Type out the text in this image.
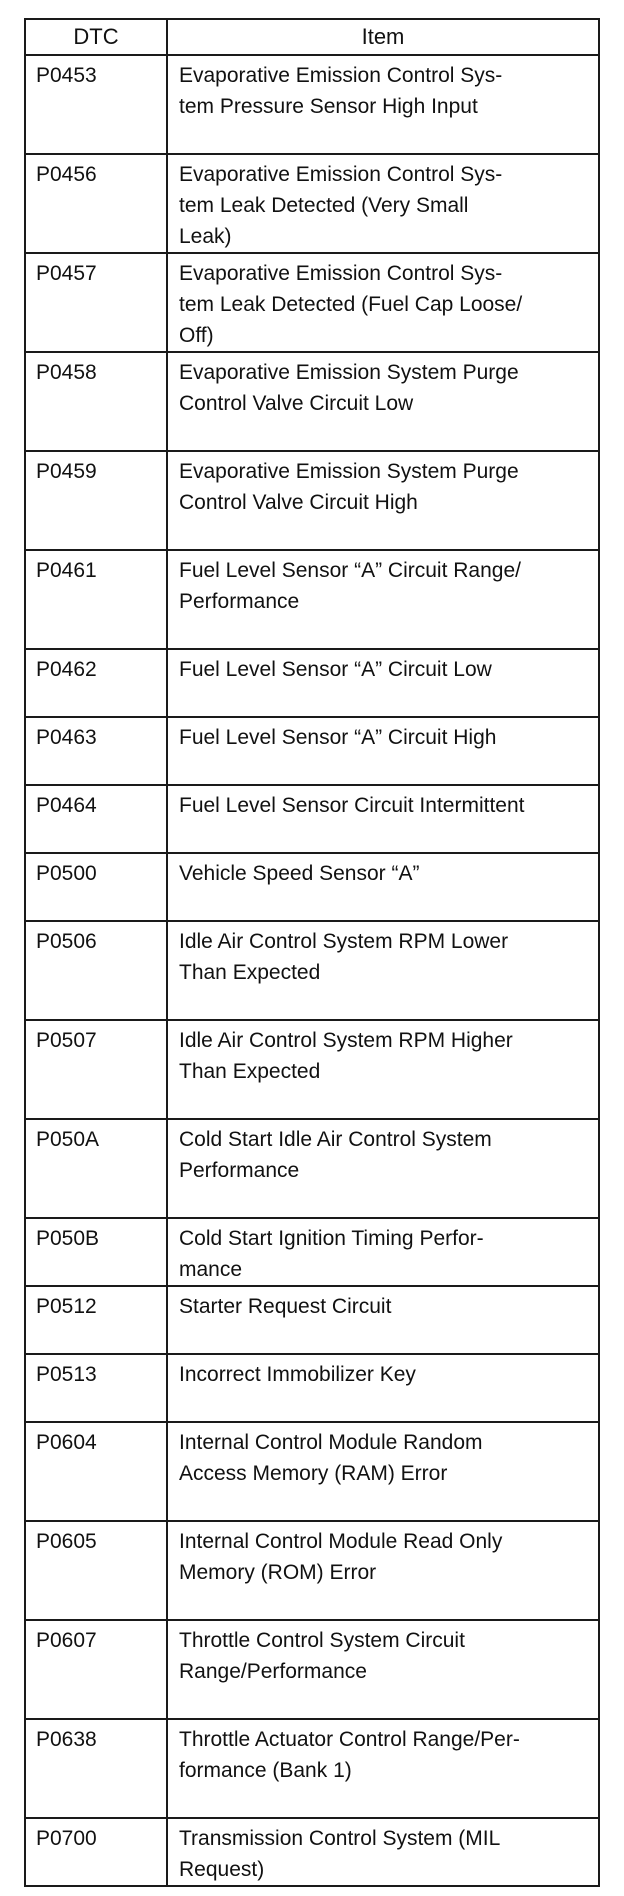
DTC	Item
P0453	Evaporative Emission Control Sys-
tem Pressure Sensor High Input
P0456	Evaporative Emission Control Sys-
tem Leak Detected (Very Small
Leak)
P0457	Evaporative Emission Control Sys-
tem Leak Detected (Fuel Cap Loose/
Off)
P0458	Evaporative Emission System Purge
Control Valve Circuit Low
P0459	Evaporative Emission System Purge
Control Valve Circuit High
P0461	Fuel Level Sensor “A” Circuit Range/
Performance
P0462	Fuel Level Sensor “A” Circuit Low
P0463	Fuel Level Sensor “A” Circuit High
P0464	Fuel Level Sensor Circuit Intermittent
P0500	Vehicle Speed Sensor “A”
P0506	Idle Air Control System RPM Lower
Than Expected
P0507	Idle Air Control System RPM Higher
Than Expected
P050A	Cold Start Idle Air Control System
Performance
P050B	Cold Start Ignition Timing Perfor-
mance
P0512	Starter Request Circuit
P0513	Incorrect Immobilizer Key
P0604	Internal Control Module Random
Access Memory (RAM) Error
P0605	Internal Control Module Read Only
Memory (ROM) Error
P0607	Throttle Control System Circuit
Range/Performance
P0638	Throttle Actuator Control Range/Per-
formance (Bank 1)
P0700	Transmission Control System (MIL
Request)
